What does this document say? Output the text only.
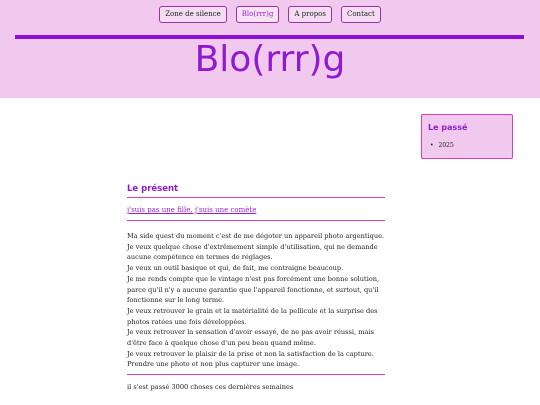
Zone de silence	Blo(rrr)g	A propos	Contact
Blo(rrr)g
Le passé
• 2025
Le présent
j'suis pas une fille, j'suis une comète

Ma side quest du moment c'est de me dégoter un appareil photo argentique. Je veux quelque chose d'extrêmement simple d'utilisation, qui ne demande aucune compétence en termes de réglages.

Je veux un outil basique et qui, de fait, me contraigne beaucoup.

Je me rends compte que le vintage n'est pas forcément une bonne solution, parce qu'il n'y a aucune garantie que l'appareil fonctionne, et surtout, qu'il fonctionne sur le long terme.

Je veux retrouver le grain et la matérialité de la pellicule et la surprise des photos ratées une fois développées.

Je veux retrouver la sensation d'avoir essayé, de ne pas avoir réussi, mais d'être face à quelque chose d'un peu beau quand même.

Je veux retrouver le plaisir de la prise et non la satisfaction de la capture.

Prendre une photo et non plus capturer une image.

il s'est passé 3000 choses ces dernières semaines
